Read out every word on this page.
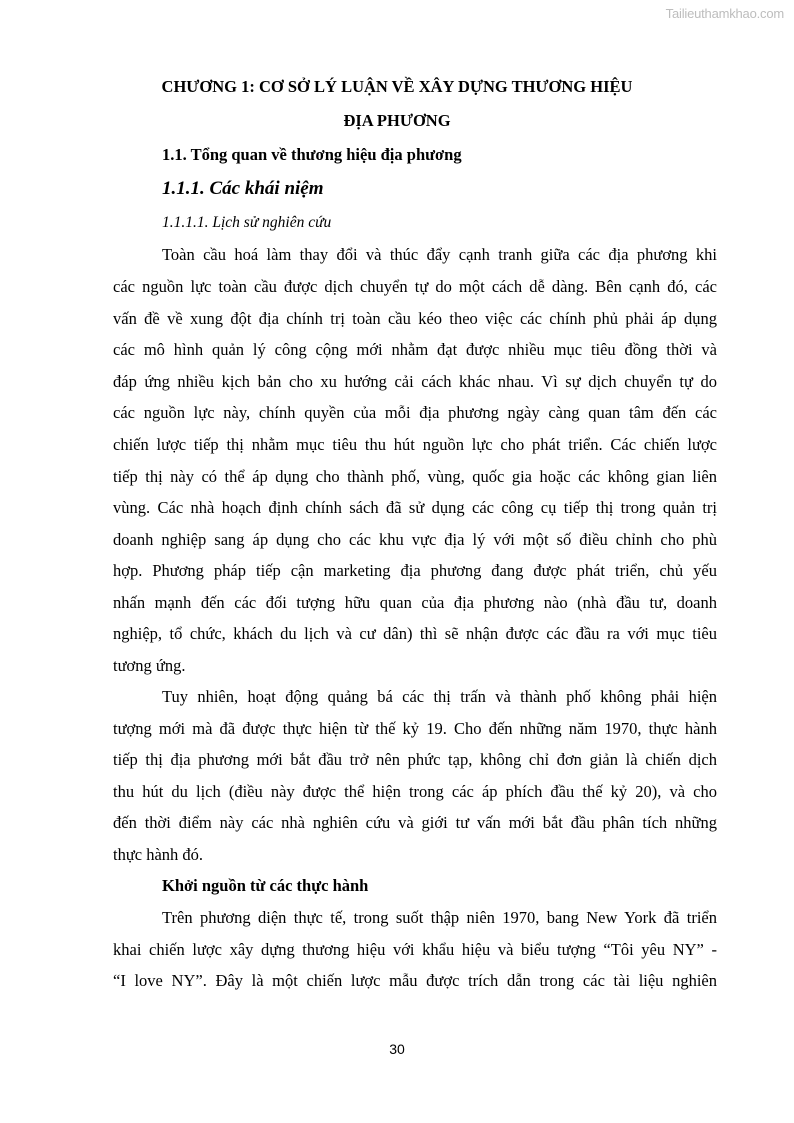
Tailieuthamkhao.com
CHƯƠNG 1: CƠ SỞ LÝ LUẬN VỀ XÂY DỰNG THƯƠNG HIỆU
ĐỊA PHƯƠNG
1.1. Tổng quan về thương hiệu địa phương
1.1.1. Các khái niệm
1.1.1.1. Lịch sử nghiên cứu
Toàn cầu hoá làm thay đổi và thúc đẩy cạnh tranh giữa các địa phương khi
các nguồn lực toàn cầu được dịch chuyển tự do một cách dễ dàng. Bên cạnh đó, các
vấn đề về xung đột địa chính trị toàn cầu kéo theo việc các chính phủ phải áp dụng
các mô hình quản lý công cộng mới nhằm đạt được nhiều mục tiêu đồng thời và
đáp ứng nhiều kịch bản cho xu hướng cải cách khác nhau. Vì sự dịch chuyển tự do
các nguồn lực này, chính quyền của mỗi địa phương ngày càng quan tâm đến các
chiến lược tiếp thị nhằm mục tiêu thu hút nguồn lực cho phát triển. Các chiến lược
tiếp thị này có thể áp dụng cho thành phố, vùng, quốc gia hoặc các không gian liên
vùng. Các nhà hoạch định chính sách đã sử dụng các công cụ tiếp thị trong quản trị
doanh nghiệp sang áp dụng cho các khu vực địa lý với một số điều chỉnh cho phù
hợp. Phương pháp tiếp cận marketing địa phương đang được phát triển, chủ yếu
nhấn mạnh đến các đối tượng hữu quan của địa phương nào (nhà đầu tư, doanh
nghiệp, tổ chức, khách du lịch và cư dân) thì sẽ nhận được các đầu ra với mục tiêu
tương ứng.
Tuy nhiên, hoạt động quảng bá các thị trấn và thành phố không phải hiện
tượng mới mà đã được thực hiện từ thế kỷ 19. Cho đến những năm 1970, thực hành
tiếp thị địa phương mới bắt đầu trở nên phức tạp, không chỉ đơn giản là chiến dịch
thu hút du lịch (điều này được thể hiện trong các áp phích đầu thế kỷ 20), và cho
đến thời điểm này các nhà nghiên cứu và giới tư vấn mới bắt đầu phân tích những
thực hành đó.
Khởi nguồn từ các thực hành
Trên phương diện thực tế, trong suốt thập niên 1970, bang New York đã triển
khai chiến lược xây dựng thương hiệu với khẩu hiệu và biểu tượng “Tôi yêu NY” -
“I love NY”. Đây là một chiến lược mẫu được trích dẫn trong các tài liệu nghiên
30
